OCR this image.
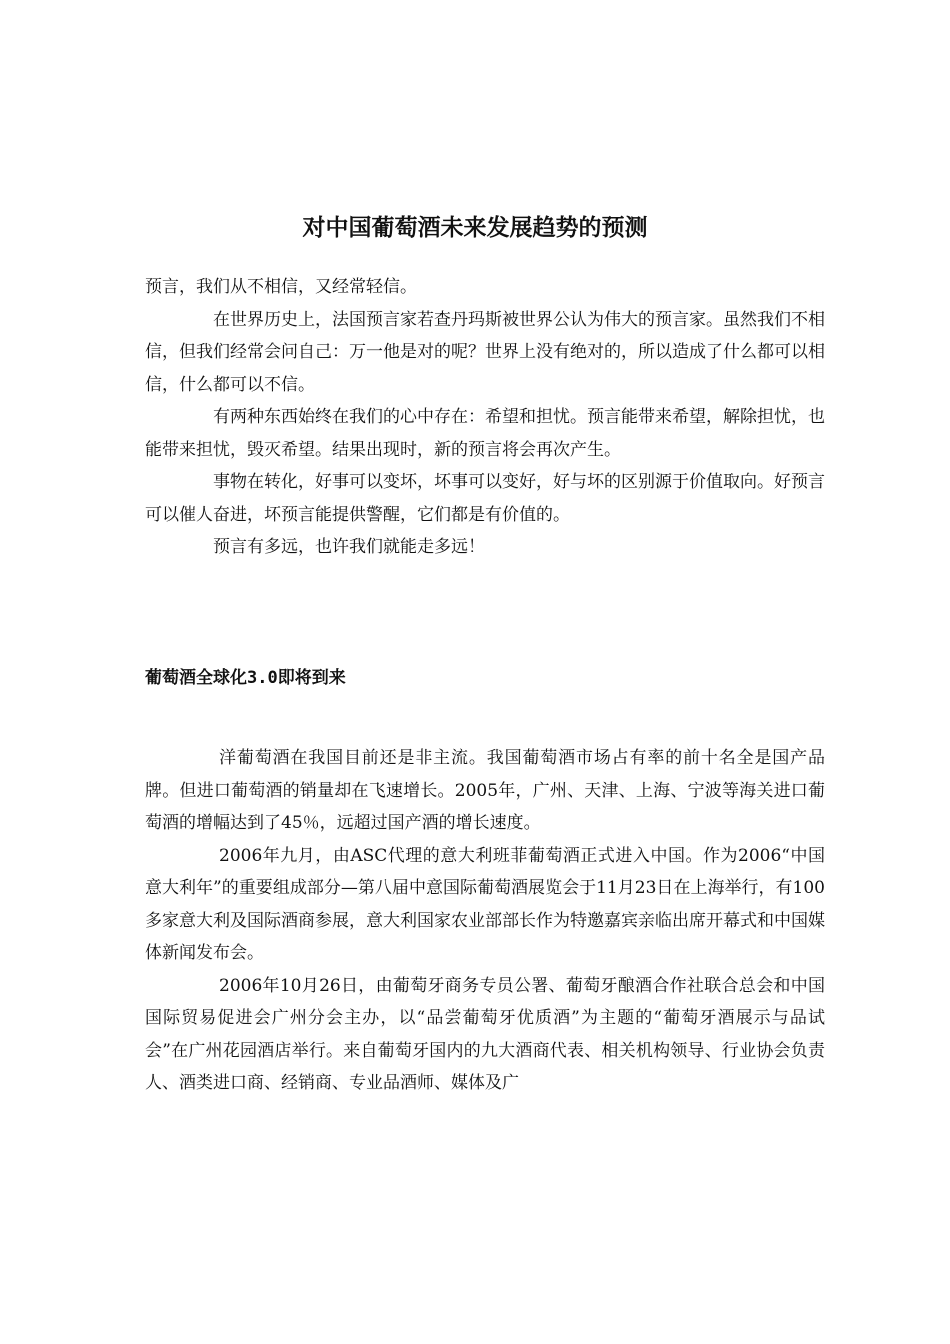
对中国葡萄酒未来发展趋势的预测

预言，我们从不相信，又经常轻信。

在世界历史上，法国预言家若查丹玛斯被世界公认为伟大的预言家。虽然我们不相信，但我们经常会问自己：万一他是对的呢？世界上没有绝对的，所以造成了什么都可以相信，什么都可以不信。

有两种东西始终在我们的心中存在：希望和担忧。预言能带来希望，解除担忧，也能带来担忧，毁灭希望。结果出现时，新的预言将会再次产生。

事物在转化，好事可以变坏，坏事可以变好，好与坏的区别源于价值取向。好预言可以催人奋进，坏预言能提供警醒，它们都是有价值的。

预言有多远，也许我们就能走多远！

葡萄酒全球化3.0即将到来

洋葡萄酒在我国目前还是非主流。我国葡萄酒市场占有率的前十名全是国产品牌。但进口葡萄酒的销量却在飞速增长。2005年，广州、天津、上海、宁波等海关进口葡萄酒的增幅达到了45％，远超过国产酒的增长速度。

2006年九月，由ASC代理的意大利班菲葡萄酒正式进入中国。作为2006“中国意大利年”的重要组成部分—第八届中意国际葡萄酒展览会于11月23日在上海举行，有100多家意大利及国际酒商参展，意大利国家农业部部长作为特邀嘉宾亲临出席开幕式和中国媒体新闻发布会。

2006年10月26日，由葡萄牙商务专员公署、葡萄牙酿酒合作社联合总会和中国国际贸易促进会广州分会主办，以“品尝葡萄牙优质酒”为主题的“葡萄牙酒展示与品试会”在广州花园酒店举行。来自葡萄牙国内的九大酒商代表、相关机构领导、行业协会负责人、酒类进口商、经销商、专业品酒师、媒体及广
